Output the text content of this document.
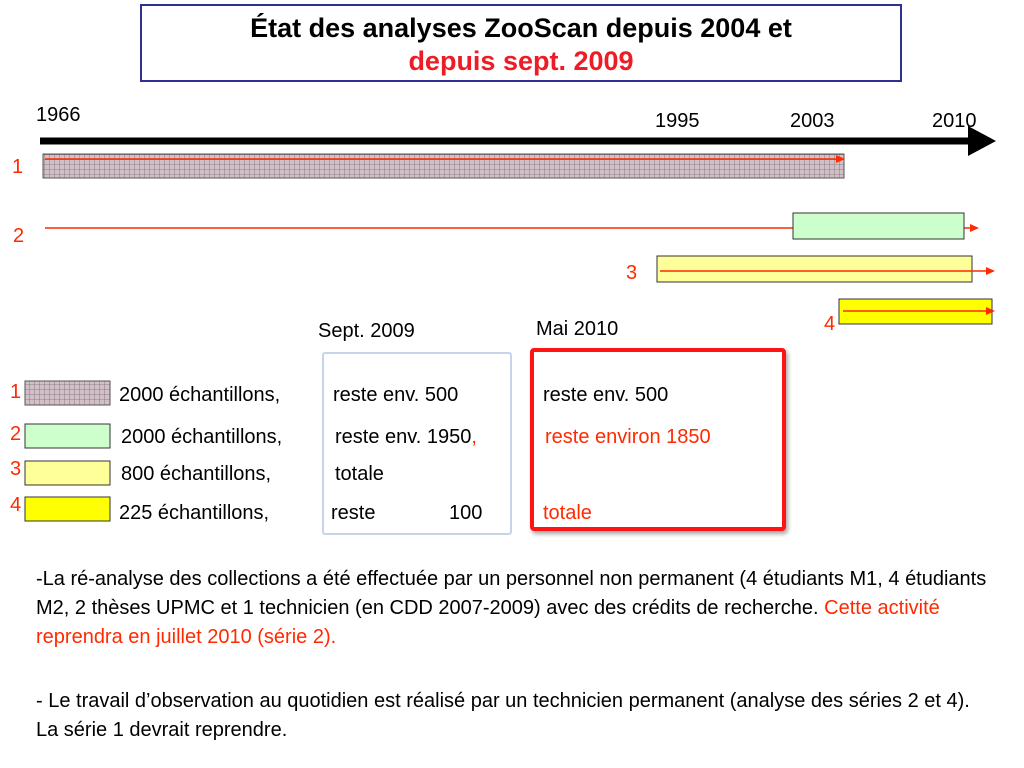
État des analyses ZooScan depuis 2004 et
depuis sept. 2009
1966	1995	2003	2010
1
2
3
4
Sept. 2009	Mai 2010
1
2
3
4
2000 échantillons,	reste env. 500	reste env. 500
2000 échantillons,	reste env. 1950,	reste environ 1850
800 échantillons,	totale
225 échantillons,	reste	100	totale
-La ré-analyse des collections a été effectuée par un personnel non permanent (4 étudiants M1, 4 étudiants M2, 2 thèses UPMC et 1 technicien (en CDD 2007-2009) avec des crédits de recherche. Cette activité reprendra en juillet 2010 (série 2).
- Le travail d’observation au quotidien est réalisé par un technicien permanent (analyse des séries 2 et 4). La série 1 devrait reprendre.
